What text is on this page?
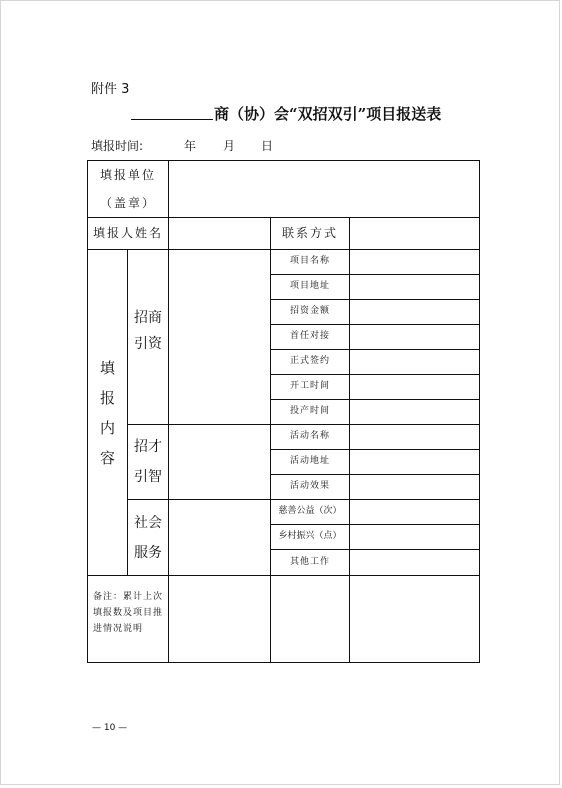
附件 3
商（协）会“双招双引”项目报送表
填报时间:	年 月 日
填报单位
（盖章）
填报人姓名	联系方式
填
报
内
容
招商
引资
招才
引智
社会
服务
项目名称
项目地址
招资金额
首任对接
正式签约
开工时间
投产时间
活动名称
活动地址
活动效果
慈善公益（次）
乡村振兴（点）
其他工作
备注：累计上次填报数及项目推进情况说明
— 10 —
